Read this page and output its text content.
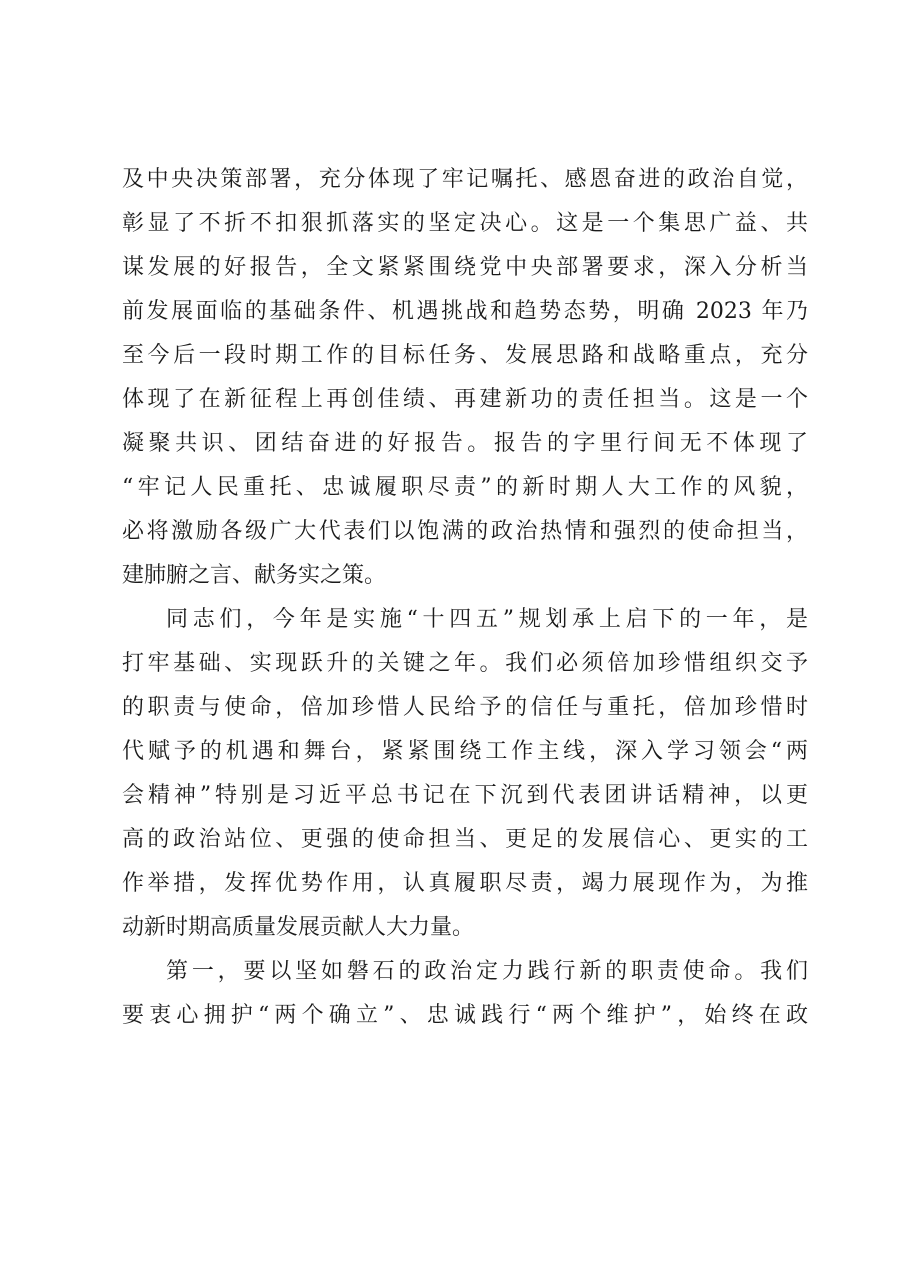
及中央决策部署，充分体现了牢记嘱托、感恩奋进的政治自觉，
彰显了不折不扣狠抓落实的坚定决心。这是一个集思广益、共
谋发展的好报告，全文紧紧围绕党中央部署要求，深入分析当
前发展面临的基础条件、机遇挑战和趋势态势，明确 2023 年乃
至今后一段时期工作的目标任务、发展思路和战略重点，充分
体现了在新征程上再创佳绩、再建新功的责任担当。这是一个
凝聚共识、团结奋进的好报告。报告的字里行间无不体现了
“牢记人民重托、忠诚履职尽责”的新时期人大工作的风貌，
必将激励各级广大代表们以饱满的政治热情和强烈的使命担当，
建肺腑之言、献务实之策。
同志们，今年是实施“十四五”规划承上启下的一年，是
打牢基础、实现跃升的关键之年。我们必须倍加珍惜组织交予
的职责与使命，倍加珍惜人民给予的信任与重托，倍加珍惜时
代赋予的机遇和舞台，紧紧围绕工作主线，深入学习领会“两
会精神”特别是习近平总书记在下沉到代表团讲话精神，以更
高的政治站位、更强的使命担当、更足的发展信心、更实的工
作举措，发挥优势作用，认真履职尽责，竭力展现作为，为推
动新时期高质量发展贡献人大力量。
第一，要以坚如磐石的政治定力践行新的职责使命。我们
要衷心拥护“两个确立”、忠诚践行“两个维护”，始终在政
